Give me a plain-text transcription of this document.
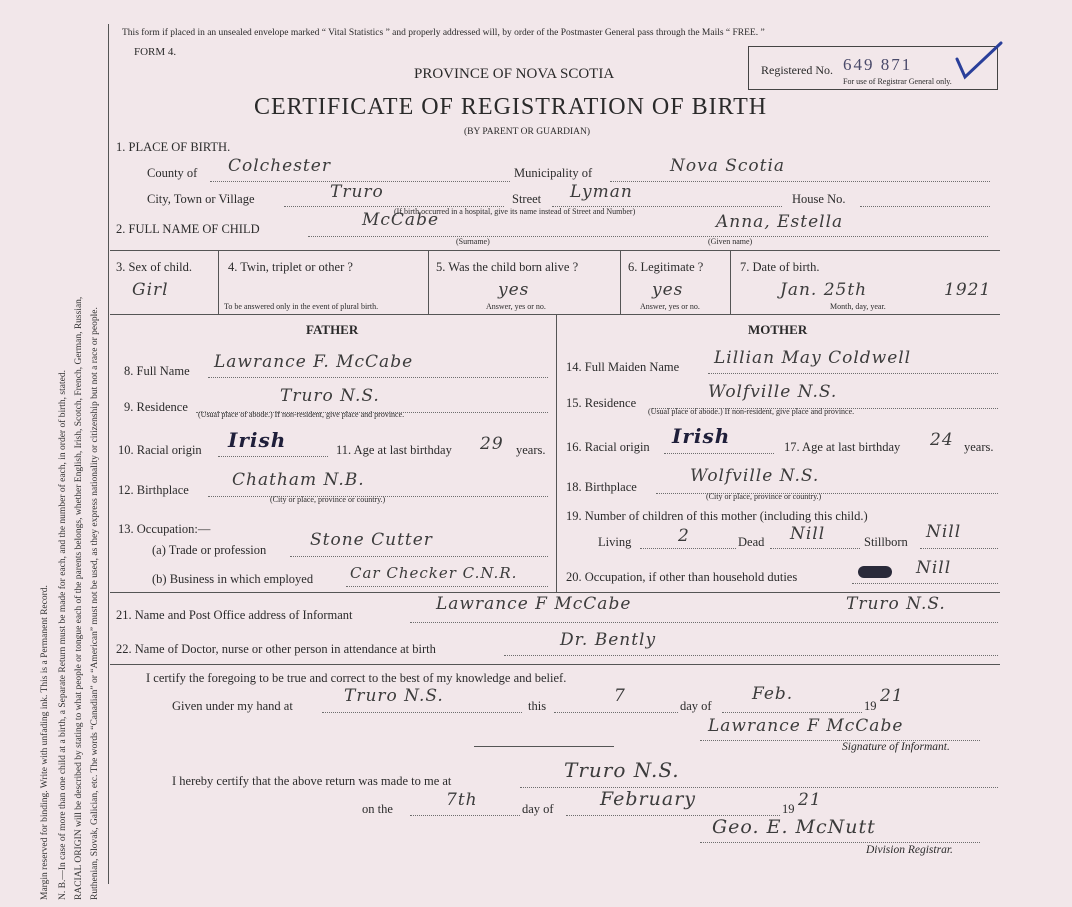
Margin reserved for binding. Write with unfading ink. This is a Permanent Record. N. B.—In case of more than one child at a birth, a Separate Return must be made for each, and the number of each, in order of birth, stated. RACIAL ORIGIN will be described by stating to what people or tongue each of the parents belongs, whether English, Irish, Scotch, French, German, Russian, Ruthenian, Slovak, Galician, etc. The words “Canadian” or “American” must not be used, as they express nationality or citizenship but not a race or people.
This form if placed in an unsealed envelope marked “ Vital Statistics ” and properly addressed will, by order of the Postmaster General pass through the Mails “ FREE. ”
FORM 4.
PROVINCE OF NOVA SCOTIA
CERTIFICATE OF REGISTRATION OF BIRTH
(BY PARENT OR GUARDIAN)
Registered No. 649 871
For use of Registrar General only.
1. PLACE OF BIRTH.
County of Colchester	Municipality of	Nova Scotia
City, Town or Village	Truro	Street Lyman	House No.
(If birth occurred in a hospital, give its name instead of Street and Number)
2. FULL NAME OF CHILD	McCabe
(Surname)
Anna, Estella
(Given name)
3. Sex of child.
Girl
4. Twin, triplet or other ?
To be answered only in the event of plural birth.
5. Was the child born alive ?
yes
Answer, yes or no.
6. Legitimate ?
yes
Answer, yes or no.
7. Date of birth.
Jan. 25th	1921
Month, day, year.
FATHER	MOTHER
8. Full Name Lawrance F. McCabe
9. Residence
Truro N.S.
(Usual place of abode.) If non-resident, give place and province.
10. Racial origin Irish	11. Age at last birthday 29 years.
12. Birthplace	Chatham N.B.
(City or place, province or country.)
13. Occupation:—
(a) Trade or profession	Stone Cutter
(b) Business in which employed Car Checker C.N.R.
14. Full Maiden Name Lillian May Coldwell
15. Residence
Wolfville N.S.
(Usual place of abode.) If non-resident, give place and province.
16. Racial origin Irish	17. Age at last birthday 24 years.
18. Birthplace
Wolfville N.S.
(City or place, province or country.)
19. Number of children of this mother (including this child.)
Living	2	Dead Nill	Stillborn Nill
20. Occupation, if other than household duties	Nill
21. Name and Post Office address of Informant
Lawrance F McCabe	Truro N.S.
22. Name of Doctor, nurse or other person in attendance at birth	Dr. Bently
I certify the foregoing to be true and correct to the best of my knowledge and belief.
Given under my hand at	Truro N.S.	this	7	day of
Feb.
19 21
Lawrance F McCabe
Signature of Informant.
I hereby certify that the above return was made to me at	Truro N.S.
on the	7th	day of February	19 21
Geo. E. McNutt
Division Registrar.
